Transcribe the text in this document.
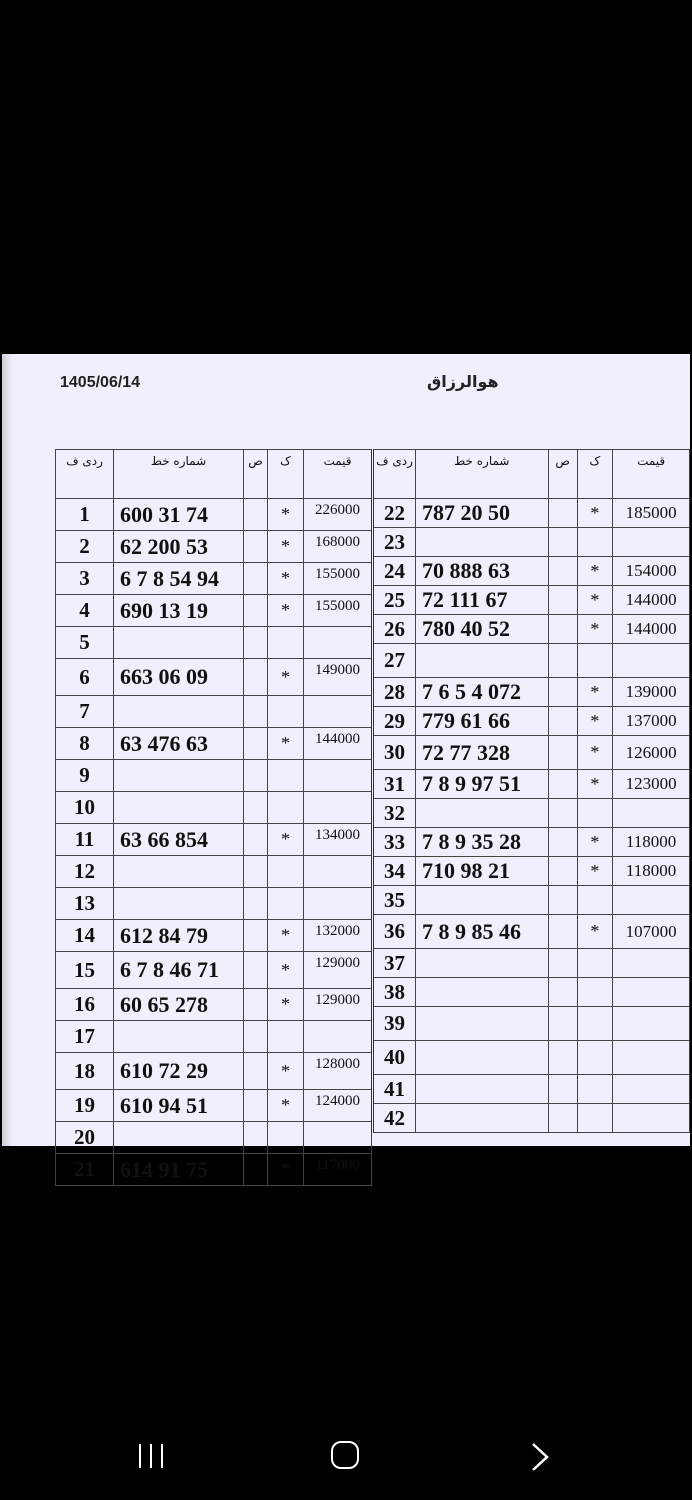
1405/06/14	هوالرزاق
ردی ف	شماره خط	ص	ک	قیمت
1	600 31 74		*	226000
2	62 200 53		*	168000
3	6 7 8 54 94		*	155000
4	690 13 19		*	155000
5				
6	663 06 09		*	149000
7				
8	63 476 63		*	144000
9				
10				
11	63 66 854		*	134000
12				
13				
14	612 84 79		*	132000
15	6 7 8 46 71		*	129000
16	60 65 278		*	129000
17				
18	610 72 29		*	128000
19	610 94 51		*	124000
20				
21	614 91 75		*	117000
ردی ف	شماره خط	ص	ک	قیمت
22	787 20 50		*	185000
23				
24	70 888 63		*	154000
25	72 111 67		*	144000
26	780 40 52		*	144000
27				
28	7 6 5 4 072		*	139000
29	779 61 66		*	137000
30	72 77 328		*	126000
31	7 8 9 97 51		*	123000
32				
33	7 8 9 35 28		*	118000
34	710 98 21		*	118000
35				
36	7 8 9 85 46		*	107000
37				
38				
39				
40				
41				
42				
